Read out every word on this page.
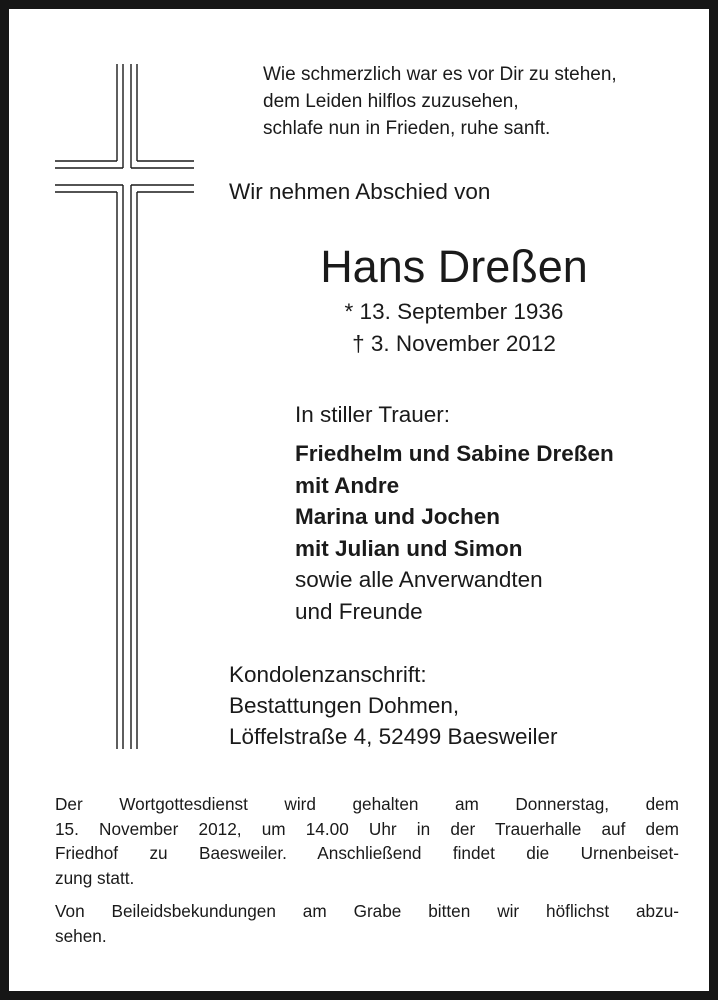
Wie schmerzlich war es vor Dir zu stehen,
dem Leiden hilflos zuzusehen,
schlafe nun in Frieden, ruhe sanft.
Wir nehmen Abschied von
Hans Dreßen
* 13. September 1936
† 3. November 2012
In stiller Trauer:
Friedhelm und Sabine Dreßen
mit Andre
Marina und Jochen
mit Julian und Simon
sowie alle Anverwandten
und Freunde
Kondolenzanschrift:
Bestattungen Dohmen,
Löffelstraße 4, 52499 Baesweiler
Der Wortgottesdienst wird gehalten am Donnerstag, dem
15. November 2012, um 14.00 Uhr in der Trauerhalle auf dem
Friedhof zu Baesweiler. Anschließend findet die Urnenbeiset-
zung statt.
Von Beileidsbekundungen am Grabe bitten wir höflichst abzu-
sehen.
